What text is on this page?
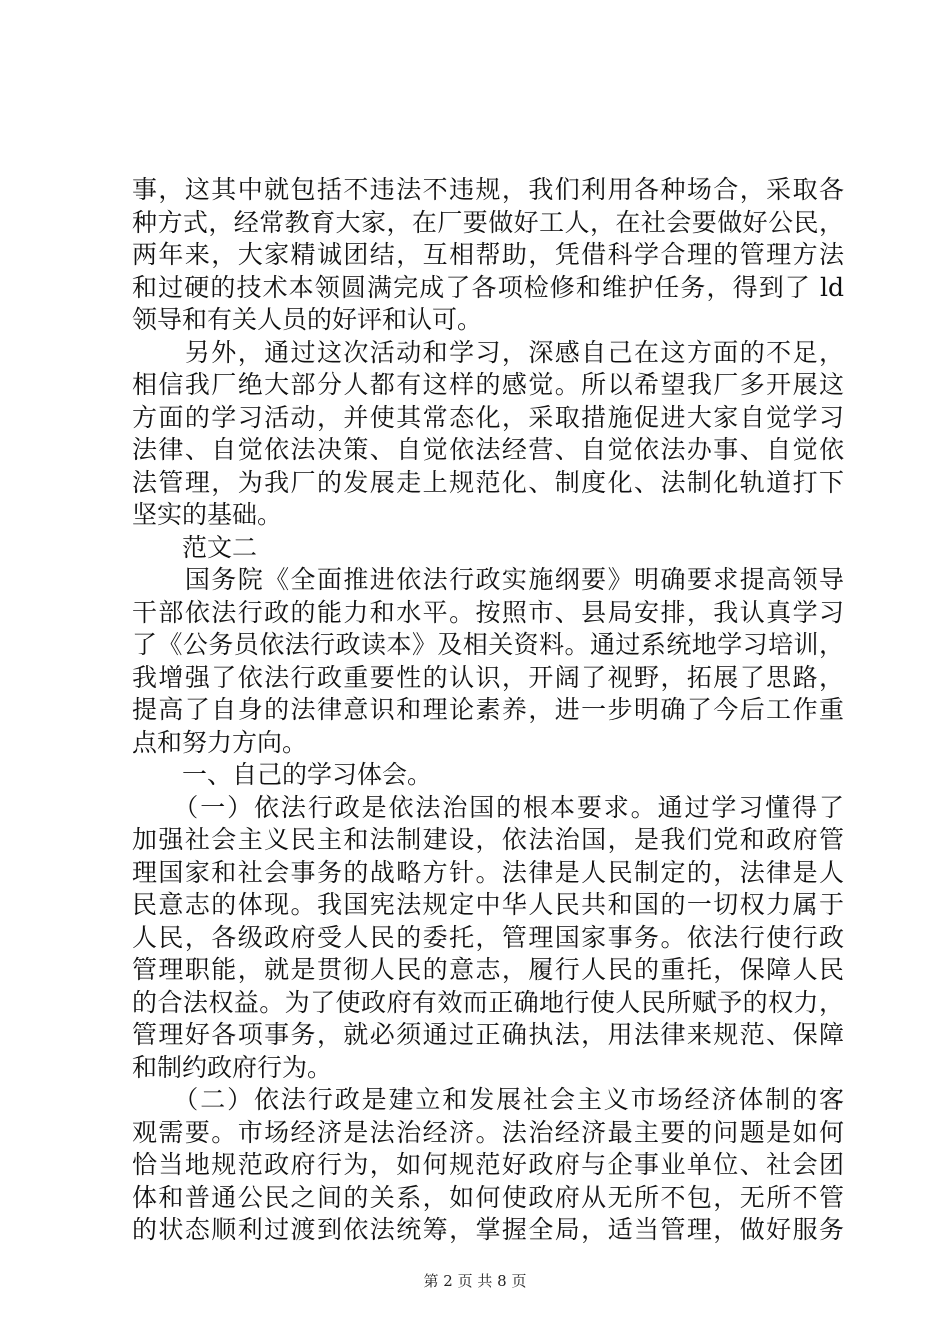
事，这其中就包括不违法不违规，我们利用各种场合，采取各
种方式，经常教育大家，在厂要做好工人，在社会要做好公民，
两年来，大家精诚团结，互相帮助，凭借科学合理的管理方法
和过硬的技术本领圆满完成了各项检修和维护任务，得到了 ld
领导和有关人员的好评和认可。
　　另外，通过这次活动和学习，深感自己在这方面的不足，
相信我厂绝大部分人都有这样的感觉。所以希望我厂多开展这
方面的学习活动，并使其常态化，采取措施促进大家自觉学习
法律、自觉依法决策、自觉依法经营、自觉依法办事、自觉依
法管理，为我厂的发展走上规范化、制度化、法制化轨道打下
坚实的基础。
　　范文二
　　国务院《全面推进依法行政实施纲要》明确要求提高领导
干部依法行政的能力和水平。按照市、县局安排，我认真学习
了《公务员依法行政读本》及相关资料。通过系统地学习培训，
我增强了依法行政重要性的认识，开阔了视野，拓展了思路，
提高了自身的法律意识和理论素养，进一步明确了今后工作重
点和努力方向。
　　一、自己的学习体会。
　　（一）依法行政是依法治国的根本要求。通过学习懂得了
加强社会主义民主和法制建设，依法治国，是我们党和政府管
理国家和社会事务的战略方针。法律是人民制定的，法律是人
民意志的体现。我国宪法规定中华人民共和国的一切权力属于
人民，各级政府受人民的委托，管理国家事务。依法行使行政
管理职能，就是贯彻人民的意志，履行人民的重托，保障人民
的合法权益。为了使政府有效而正确地行使人民所赋予的权力，
管理好各项事务，就必须通过正确执法，用法律来规范、保障
和制约政府行为。
　　（二）依法行政是建立和发展社会主义市场经济体制的客
观需要。市场经济是法治经济。法治经济最主要的问题是如何
恰当地规范政府行为，如何规范好政府与企事业单位、社会团
体和普通公民之间的关系，如何使政府从无所不包，无所不管
的状态顺利过渡到依法统筹，掌握全局，适当管理，做好服务
第 2 页 共 8 页
